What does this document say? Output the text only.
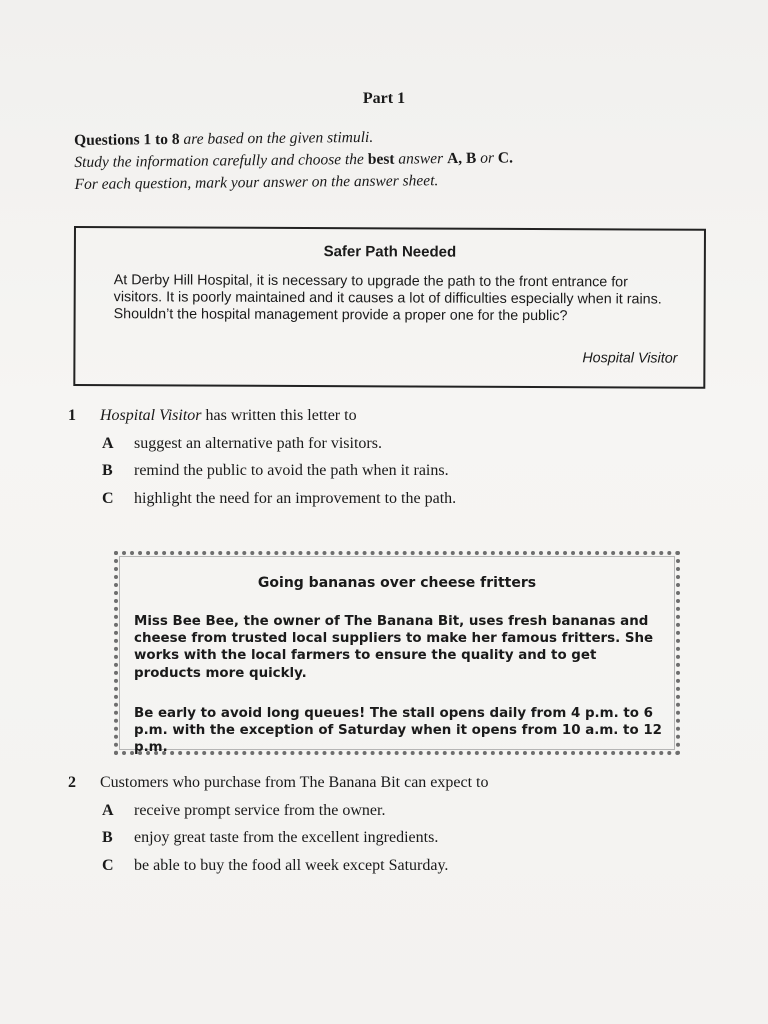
Part 1
Questions 1 to 8 are based on the given stimuli.
Study the information carefully and choose the best answer A, B or C.
For each question, mark your answer on the answer sheet.
Safer Path Needed
At Derby Hill Hospital, it is necessary to upgrade the path to the front entrance for visitors. It is poorly maintained and it causes a lot of difficulties especially when it rains. Shouldn’t the hospital management provide a proper one for the public?
Hospital Visitor
1	Hospital Visitor has written this letter to
A	suggest an alternative path for visitors.
B	remind the public to avoid the path when it rains.
C	highlight the need for an improvement to the path.
Going bananas over cheese fritters
Miss Bee Bee, the owner of The Banana Bit, uses fresh bananas and cheese from trusted local suppliers to make her famous fritters. She works with the local farmers to ensure the quality and to get products more quickly.
Be early to avoid long queues! The stall opens daily from 4 p.m. to 6 p.m. with the exception of Saturday when it opens from 10 a.m. to 12 p.m.
2	Customers who purchase from The Banana Bit can expect to
A	receive prompt service from the owner.
B	enjoy great taste from the excellent ingredients.
C	be able to buy the food all week except Saturday.
